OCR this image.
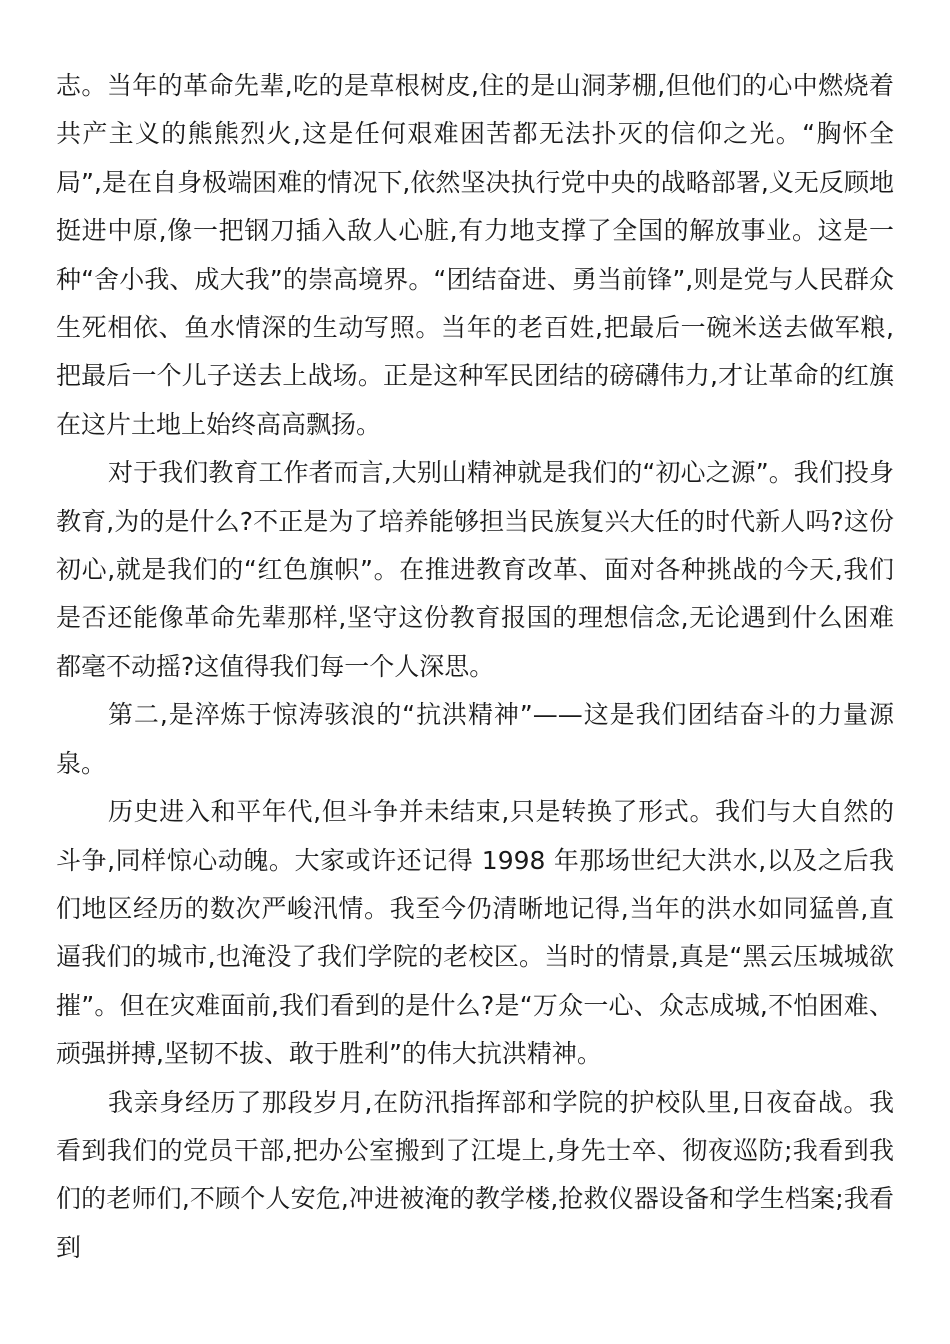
志。当年的革命先辈,吃的是草根树皮,住的是山洞茅棚,但他们的心中燃烧着共产主义的熊熊烈火,这是任何艰难困苦都无法扑灭的信仰之光。“胸怀全局”,是在自身极端困难的情况下,依然坚决执行党中央的战略部署,义无反顾地挺进中原,像一把钢刀插入敌人心脏,有力地支撑了全国的解放事业。这是一种“舍小我、成大我”的崇高境界。“团结奋进、勇当前锋”,则是党与人民群众生死相依、鱼水情深的生动写照。当年的老百姓,把最后一碗米送去做军粮,把最后一个儿子送去上战场。正是这种军民团结的磅礴伟力,才让革命的红旗在这片土地上始终高高飘扬。

对于我们教育工作者而言,大别山精神就是我们的“初心之源”。我们投身教育,为的是什么?不正是为了培养能够担当民族复兴大任的时代新人吗?这份初心,就是我们的“红色旗帜”。在推进教育改革、面对各种挑战的今天,我们是否还能像革命先辈那样,坚守这份教育报国的理想信念,无论遇到什么困难都毫不动摇?这值得我们每一个人深思。

第二,是淬炼于惊涛骇浪的“抗洪精神”——这是我们团结奋斗的力量源泉。

历史进入和平年代,但斗争并未结束,只是转换了形式。我们与大自然的斗争,同样惊心动魄。大家或许还记得 1998 年那场世纪大洪水,以及之后我们地区经历的数次严峻汛情。我至今仍清晰地记得,当年的洪水如同猛兽,直逼我们的城市,也淹没了我们学院的老校区。当时的情景,真是“黑云压城城欲摧”。但在灾难面前,我们看到的是什么?是“万众一心、众志成城,不怕困难、顽强拼搏,坚韧不拔、敢于胜利”的伟大抗洪精神。

我亲身经历了那段岁月,在防汛指挥部和学院的护校队里,日夜奋战。我看到我们的党员干部,把办公室搬到了江堤上,身先士卒、彻夜巡防;我看到我们的老师们,不顾个人安危,冲进被淹的教学楼,抢救仪器设备和学生档案;我看到
